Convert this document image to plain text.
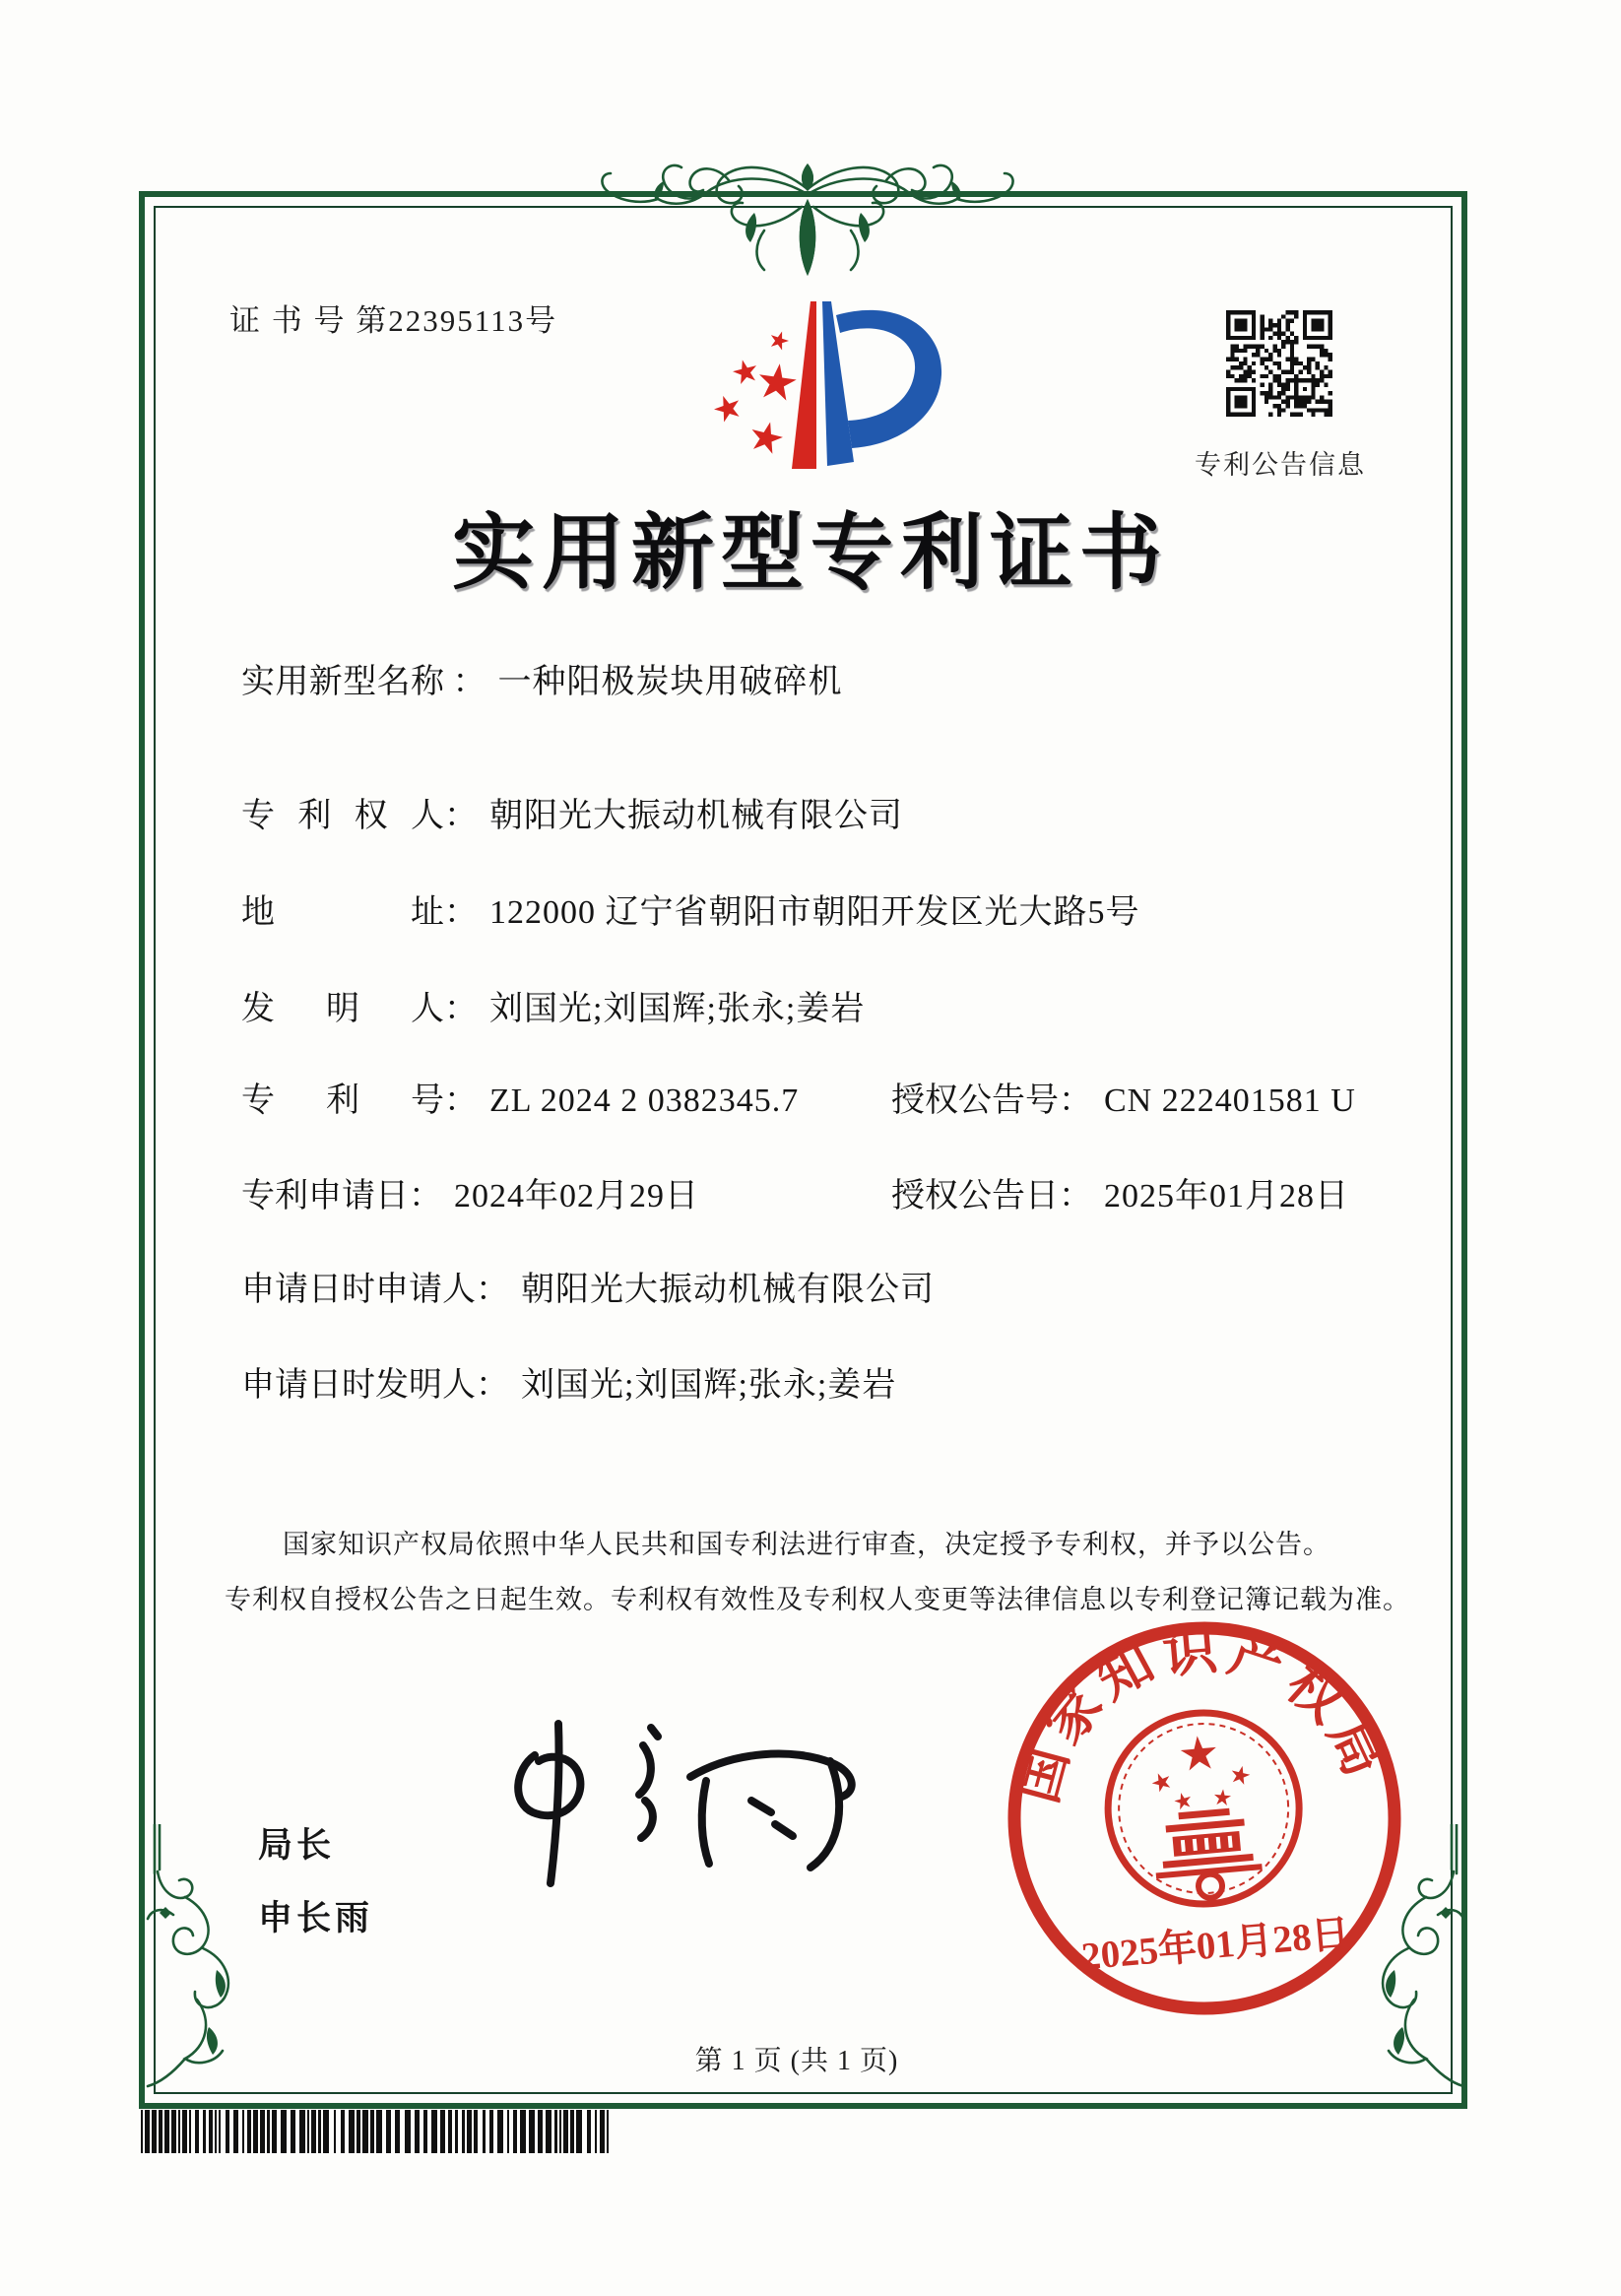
证 书 号 第22395113号
专利公告信息
实用新型专利证书
实用新型名称 ： 一种阳极炭块用破碎机
专利权人： 朝阳光大振动机械有限公司
地址： 122000 辽宁省朝阳市朝阳开发区光大路5号
发明人： 刘国光;刘国辉;张永;姜岩
专利号： ZL 2024 2 0382345.7	授权公告号： CN 222401581 U
专利申请日： 2024年02月29日	授权公告日： 2025年01月28日
申请日时申请人： 朝阳光大振动机械有限公司
申请日时发明人： 刘国光;刘国辉;张永;姜岩
国家知识产权局依照中华人民共和国专利法进行审查，决定授予专利权，并予以公告。
专利权自授权公告之日起生效。专利权有效性及专利权人变更等法律信息以专利登记簿记载为准。
局长
申长雨
国
家
知
识 产
权
局
2025年01月28日
第 1 页 (共 1 页)
